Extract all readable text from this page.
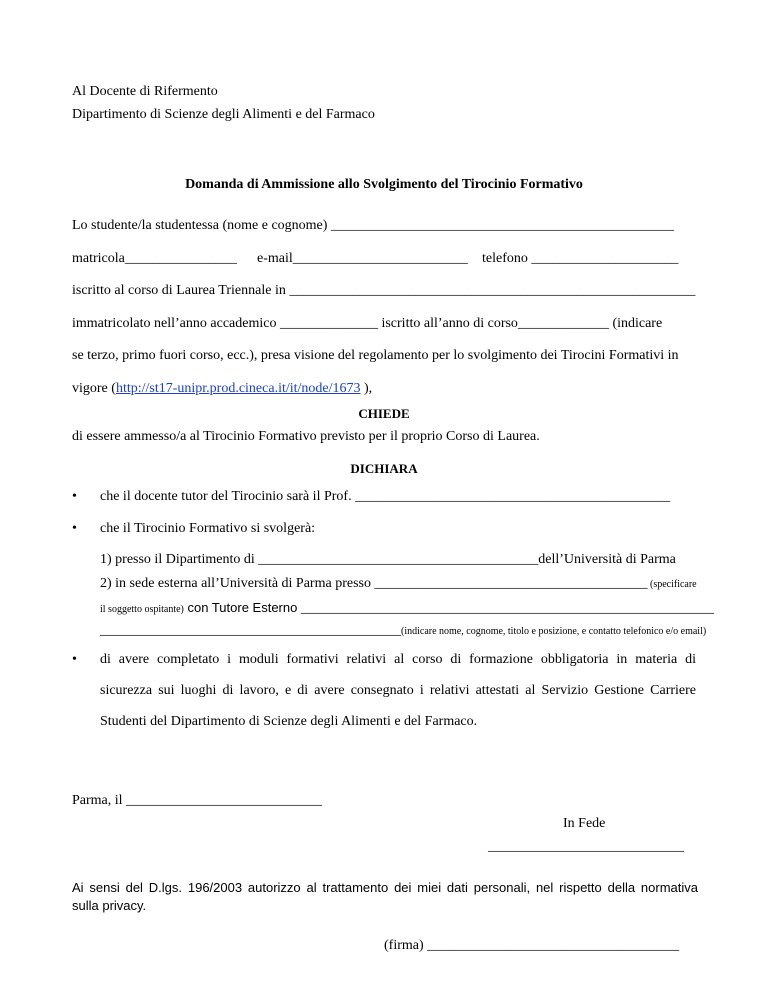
Al Docente di Rifermento
Dipartimento di Scienze degli Alimenti e del Farmaco
Domanda di Ammissione allo Svolgimento del Tirocinio Formativo
Lo studente/la studentessa (nome e cognome) _________________________________________________
matricola________________ e-mail_________________________ telefono _____________________
iscritto al corso di Laurea Triennale in __________________________________________________________
immatricolato nell’anno accademico ______________ iscritto all’anno di corso_____________ (indicare
se terzo, primo fuori corso, ecc.), presa visione del regolamento per lo svolgimento dei Tirocini Formativi in
vigore (http://st17-unipr.prod.cineca.it/it/node/1673 ),
CHIEDE
di essere ammesso/a al Tirocinio Formativo previsto per il proprio Corso di Laurea.
DICHIARA
•
che il docente tutor del Tirocinio sarà il Prof. _____________________________________________
•
che il Tirocinio Formativo si svolgerà:
1) presso il Dipartimento di ________________________________________dell’Università di Parma
2) in sede esterna all’Università di Parma presso _______________________________________ (specificare
il soggetto ospitante) con Tutore Esterno ___________________________________________________________
___________________________________________(indicare nome, cognome, titolo e posizione, e contatto telefonico e/o email)
•
di avere completato i moduli formativi relativi al corso di formazione obbligatoria in materia di
sicurezza sui luoghi di lavoro, e di avere consegnato i relativi attestati al Servizio Gestione Carriere
Studenti del Dipartimento di Scienze degli Alimenti e del Farmaco.
Parma, il ____________________________
In Fede
____________________________
Ai sensi del D.lgs. 196/2003 autorizzo al trattamento dei miei dati personali, nel rispetto della normativa
sulla privacy.
(firma) ____________________________________
